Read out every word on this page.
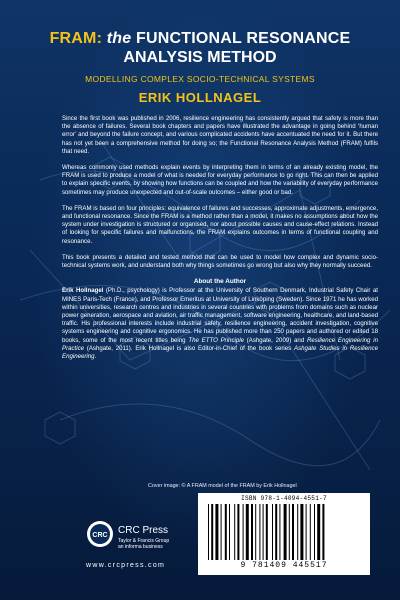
FRAM: the FUNCTIONAL RESONANCE
ANALYSIS METHOD
MODELLING COMPLEX SOCIO-TECHNICAL SYSTEMS
ERIK HOLLNAGEL

Since the first book was published in 2006, resilience engineering has consistently argued that safety is more than the absence of failures. Several book chapters and papers have illustrated the advantage in going behind ‘human error’ and beyond the failure concept, and various complicated accidents have accentuated the need for it. But there has not yet been a comprehensive method for doing so; the Functional Resonance Analysis Method (FRAM) fulfils that need.

Whereas commonly used methods explain events by interpreting them in terms of an already existing model, the FRAM is used to produce a model of what is needed for everyday performance to go right. This can then be applied to explain specific events, by showing how functions can be coupled and how the variability of everyday performance sometimes may produce unexpected and out-of-scale outcomes – either good or bad.

The FRAM is based on four principles: equivalence of failures and successes, approximate adjustments, emergence, and functional resonance. Since the FRAM is a method rather than a model, it makes no assumptions about how the system under investigation is structured or organised, nor about possible causes and cause-effect relations. Instead of looking for specific failures and malfunctions, the FRAM explains outcomes in terms of functional coupling and resonance.

This book presents a detailed and tested method that can be used to model how complex and dynamic socio-technical systems work, and understand both why things sometimes go wrong but also why they normally succeed.

About the Author
Erik Hollnagel (Ph.D., psychology) is Professor at the University of Southern Denmark, Industrial Safety Chair at MINES Paris-Tech (France), and Professor Emeritus at University of Linköping (Sweden). Since 1971 he has worked within universities, research centres and industries in several countries with problems from domains such as nuclear power generation, aerospace and aviation, air traffic management, software engineering, healthcare, and land-based traffic. His professional interests include industrial safety, resilience engineering, accident investigation, cognitive systems engineering and cognitive ergonomics. He has published more than 250 papers and authored or edited 18 books, some of the most recent titles being The ETTO Principle (Ashgate, 2009) and Resilience Engineering in Practice (Ashgate, 2011). Erik Hollnagel is also Editor-in-Chief of the book series Ashgate Studies in Resilience Engineering.
Cover image: © A FRAM model of the FRAM by Erik Hollnagel
CRC CRC Press
Taylor & Francis Group
an informa business
www.crcpress.com
ISBN 978-1-4094-4551-7
9 781409 445517
